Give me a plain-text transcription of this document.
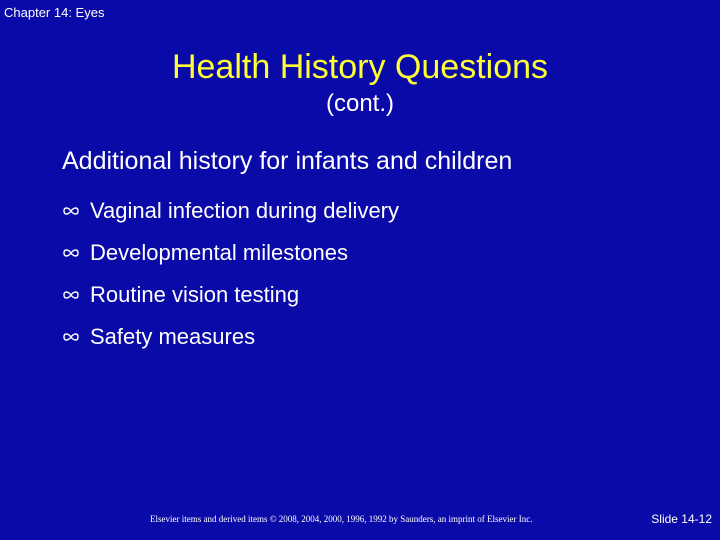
Chapter 14: Eyes
Health History Questions
(cont.)
Additional history for infants and children
Vaginal infection during delivery
Developmental milestones
Routine vision testing
Safety measures
Elsevier items and derived items © 2008, 2004, 2000, 1996, 1992 by Saunders, an imprint of Elsevier Inc.	Slide 14-12
